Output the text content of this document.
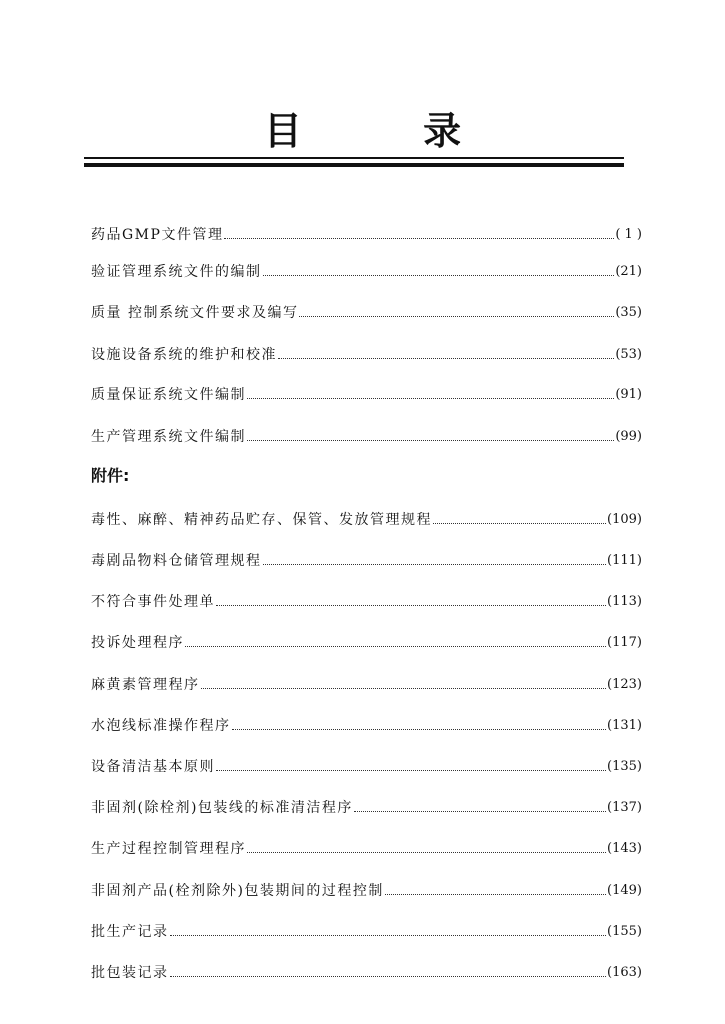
目 录
药品GMP文件管理	( 1 )
验证管理系统文件的编制	(21)
质量 控制系统文件要求及编写	(35)
设施设备系统的维护和校准	(53)
质量保证系统文件编制	(91)
生产管理系统文件编制	(99)
附件:
毒性、麻醉、精神药品贮存、保管、发放管理规程	(109)
毒剧品物料仓储管理规程	(111)
不符合事件处理单	(113)
投诉处理程序	(117)
麻黄素管理程序	(123)
水泡线标准操作程序	(131)
设备清洁基本原则	(135)
非固剂(除栓剂)包装线的标准清洁程序	(137)
生产过程控制管理程序	(143)
非固剂产品(栓剂除外)包装期间的过程控制	(149)
批生产记录	(155)
批包装记录	(163)
